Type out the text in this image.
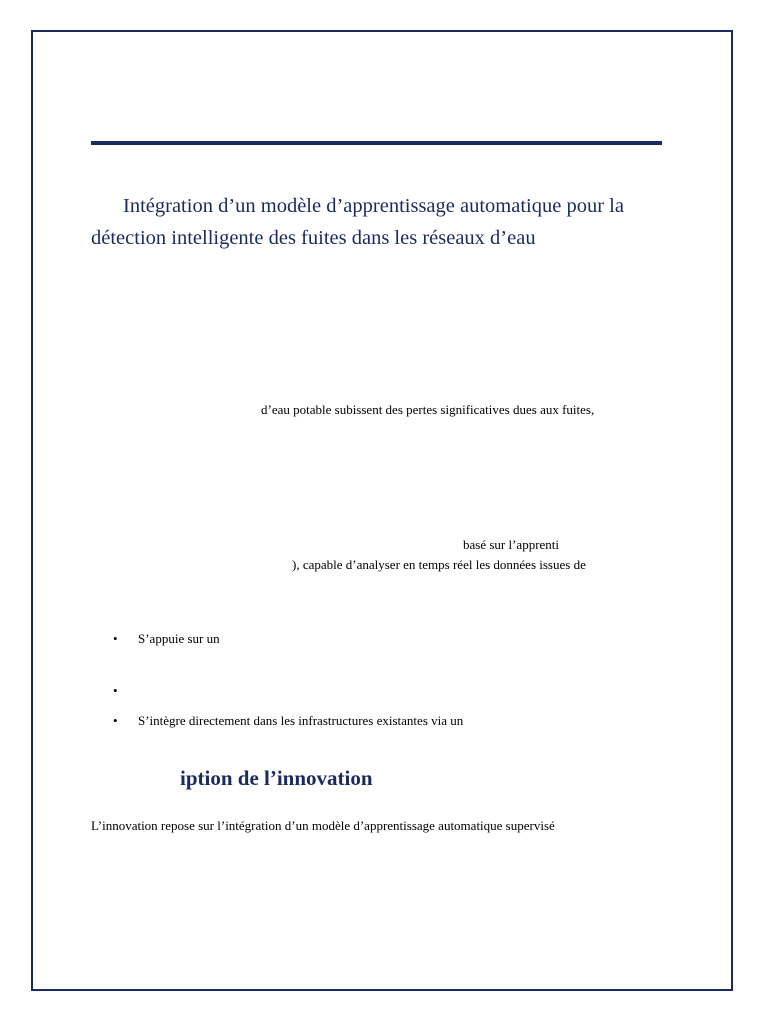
Intégration d’un modèle d’apprentissage automatique pour la détection intelligente des fuites dans les réseaux d’eau

d’eau potable subissent des pertes significatives dues aux fuites,

basé sur l’apprenti

), capable d’analyser en temps réel les données issues de

• S’appuie sur un

•

• S’intègre directement dans les infrastructures existantes via un

iption de l’innovation

L’innovation repose sur l’intégration d’un modèle d’apprentissage automatique supervisé
